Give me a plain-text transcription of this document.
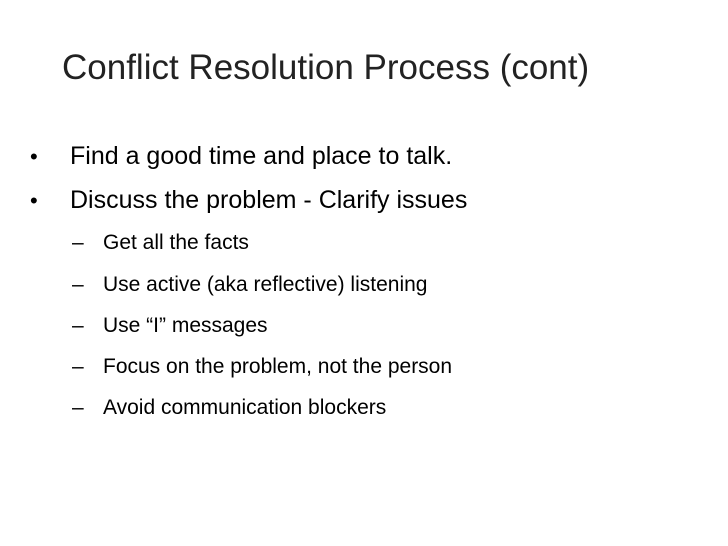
Conflict Resolution Process (cont)
• Find a good time and place to talk.
• Discuss the problem - Clarify issues
– Get all the facts
– Use active (aka reflective) listening
– Use “I” messages
– Focus on the problem, not the person
– Avoid communication blockers
